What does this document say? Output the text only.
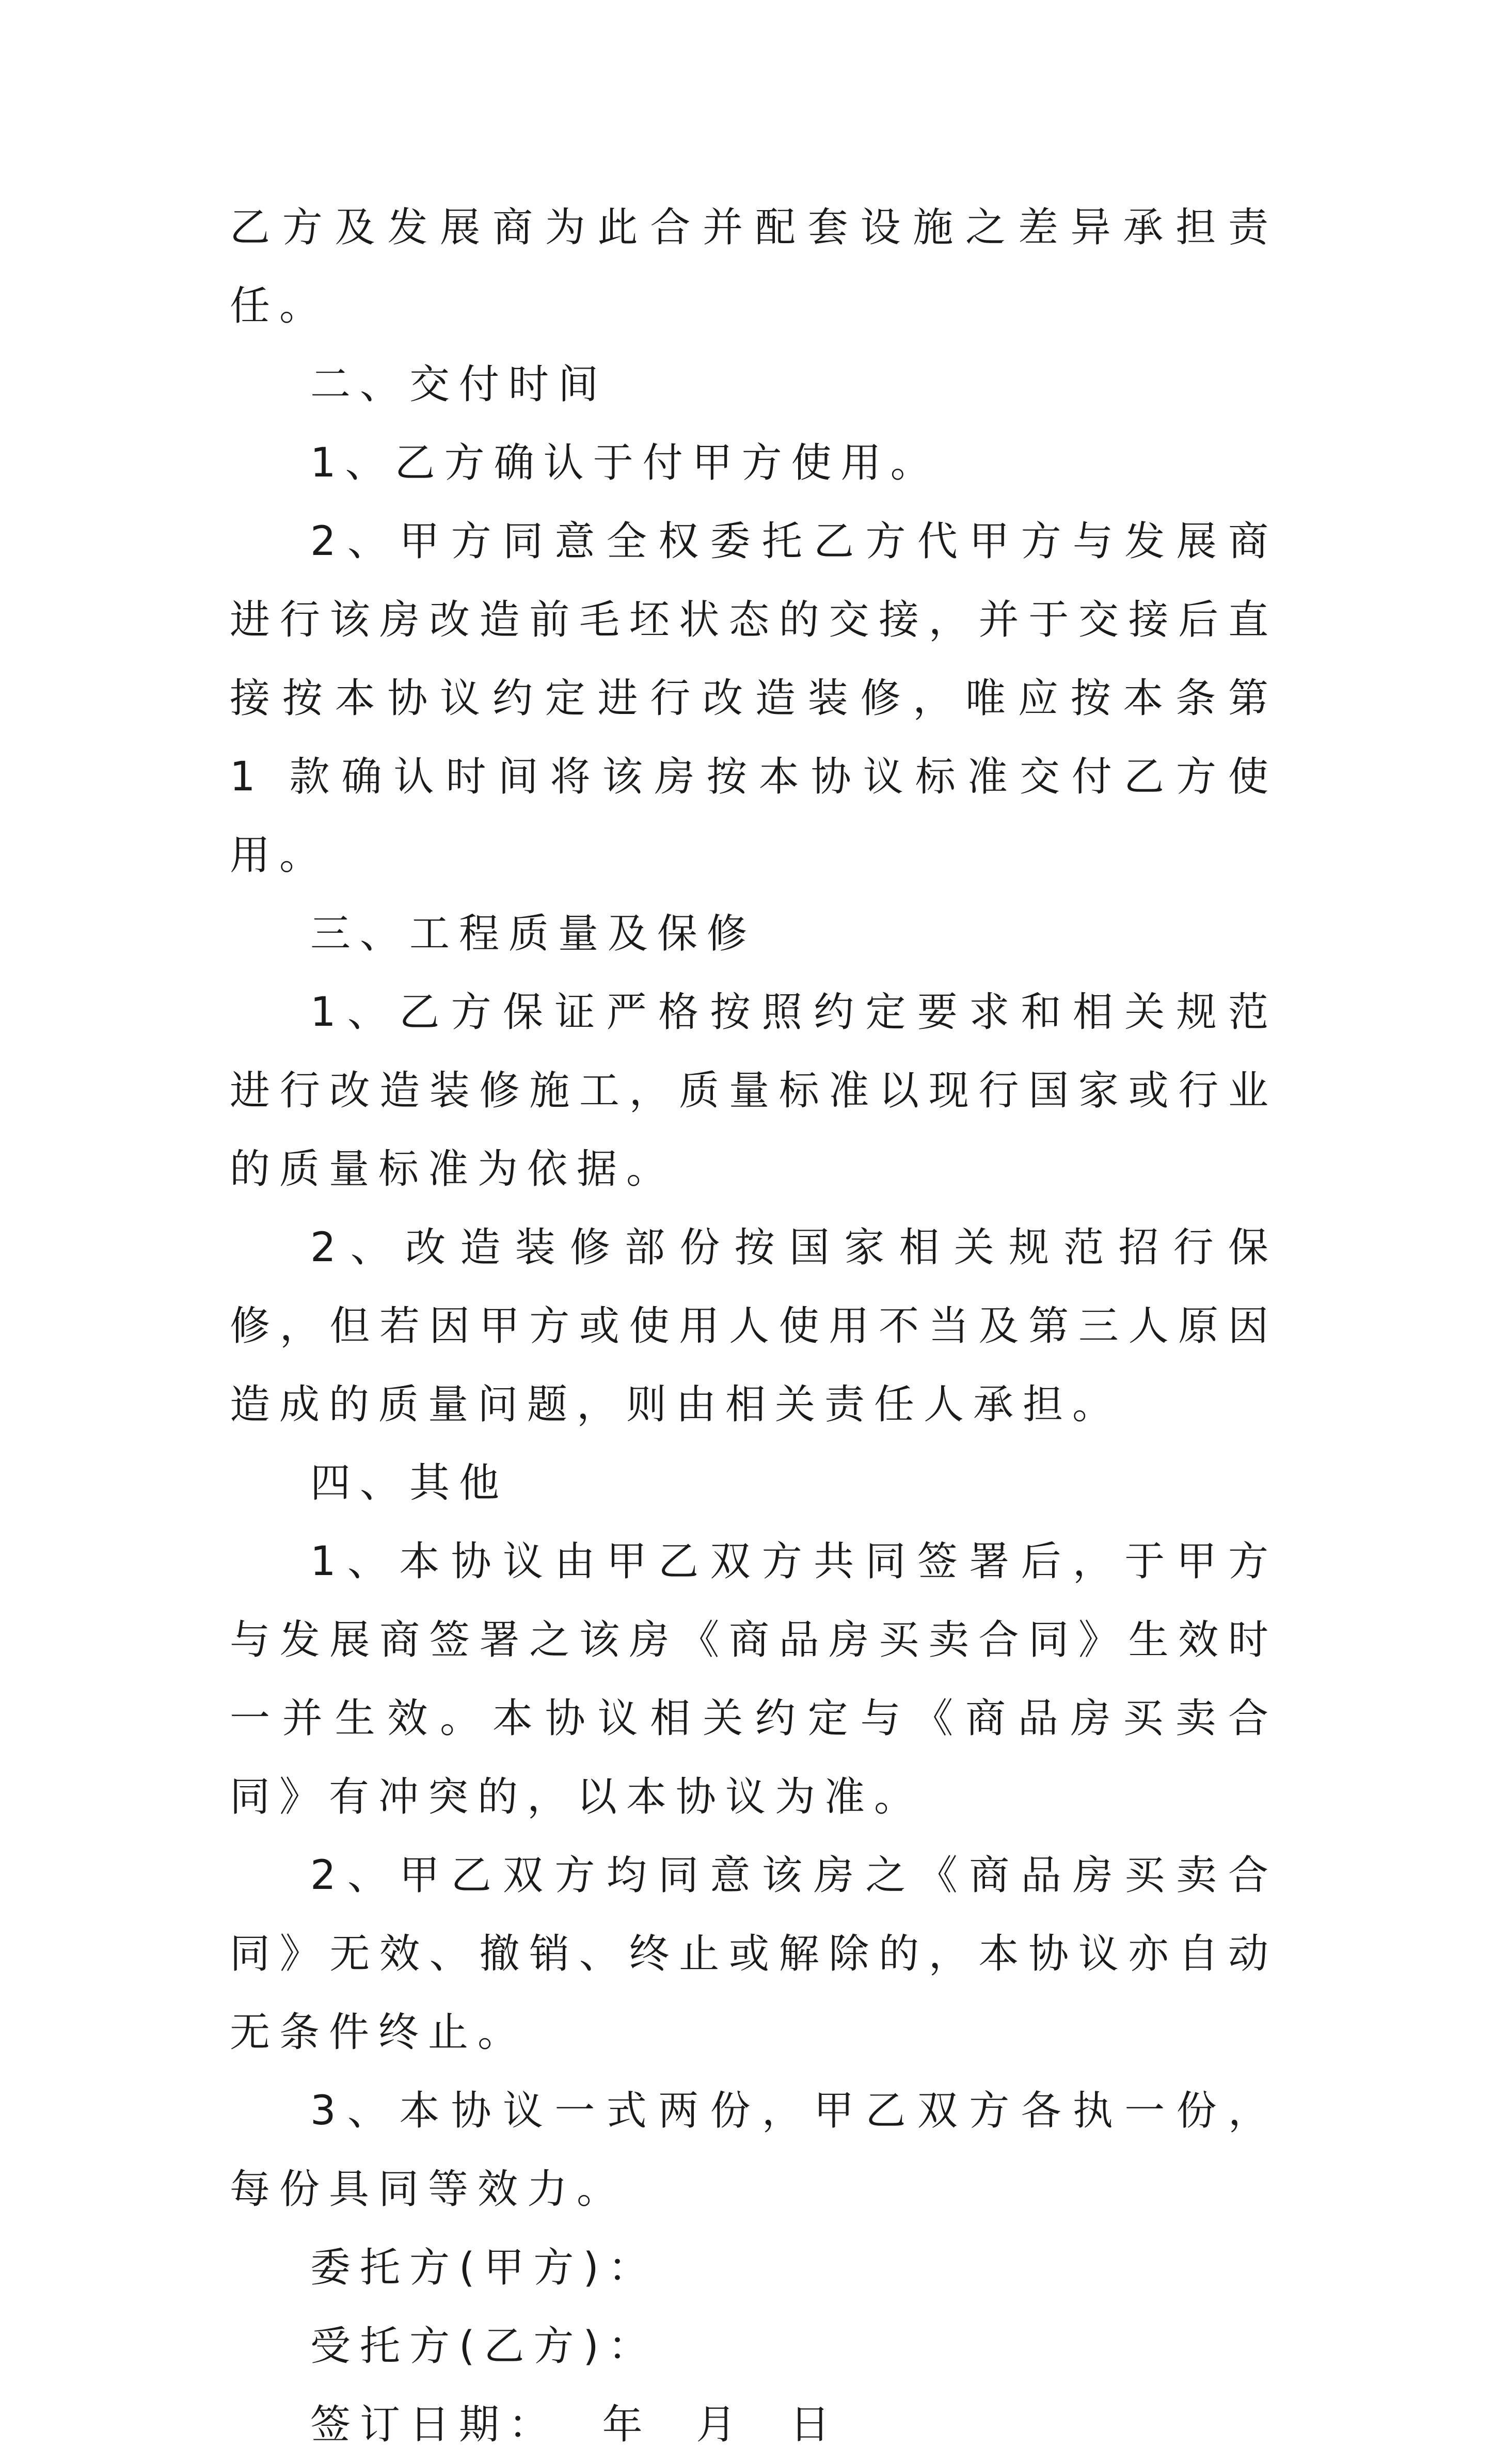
乙方及发展商为此合并配套设施之差异承担责任。

二、交付时间

1、乙方确认于付甲方使用。

2、甲方同意全权委托乙方代甲方与发展商进行该房改造前毛坯状态的交接，并于交接后直接按本协议约定进行改造装修，唯应按本条第 1 款确认时间将该房按本协议标准交付乙方使用。

三、工程质量及保修

1、乙方保证严格按照约定要求和相关规范进行改造装修施工，质量标准以现行国家或行业的质量标准为依据。

2、改造装修部份按国家相关规范招行保修，但若因甲方或使用人使用不当及第三人原因造成的质量问题，则由相关责任人承担。

四、其他

1、本协议由甲乙双方共同签署后，于甲方与发展商签署之该房《商品房买卖合同》生效时一并生效。本协议相关约定与《商品房买卖合同》有冲突的，以本协议为准。

2、甲乙双方均同意该房之《商品房买卖合同》无效、撤销、终止或解除的，本协议亦自动无条件终止。

3、本协议一式两份，甲乙双方各执一份，每份具同等效力。

委托方(甲方)：

受托方(乙方)：

签订日期：  年  月  日
